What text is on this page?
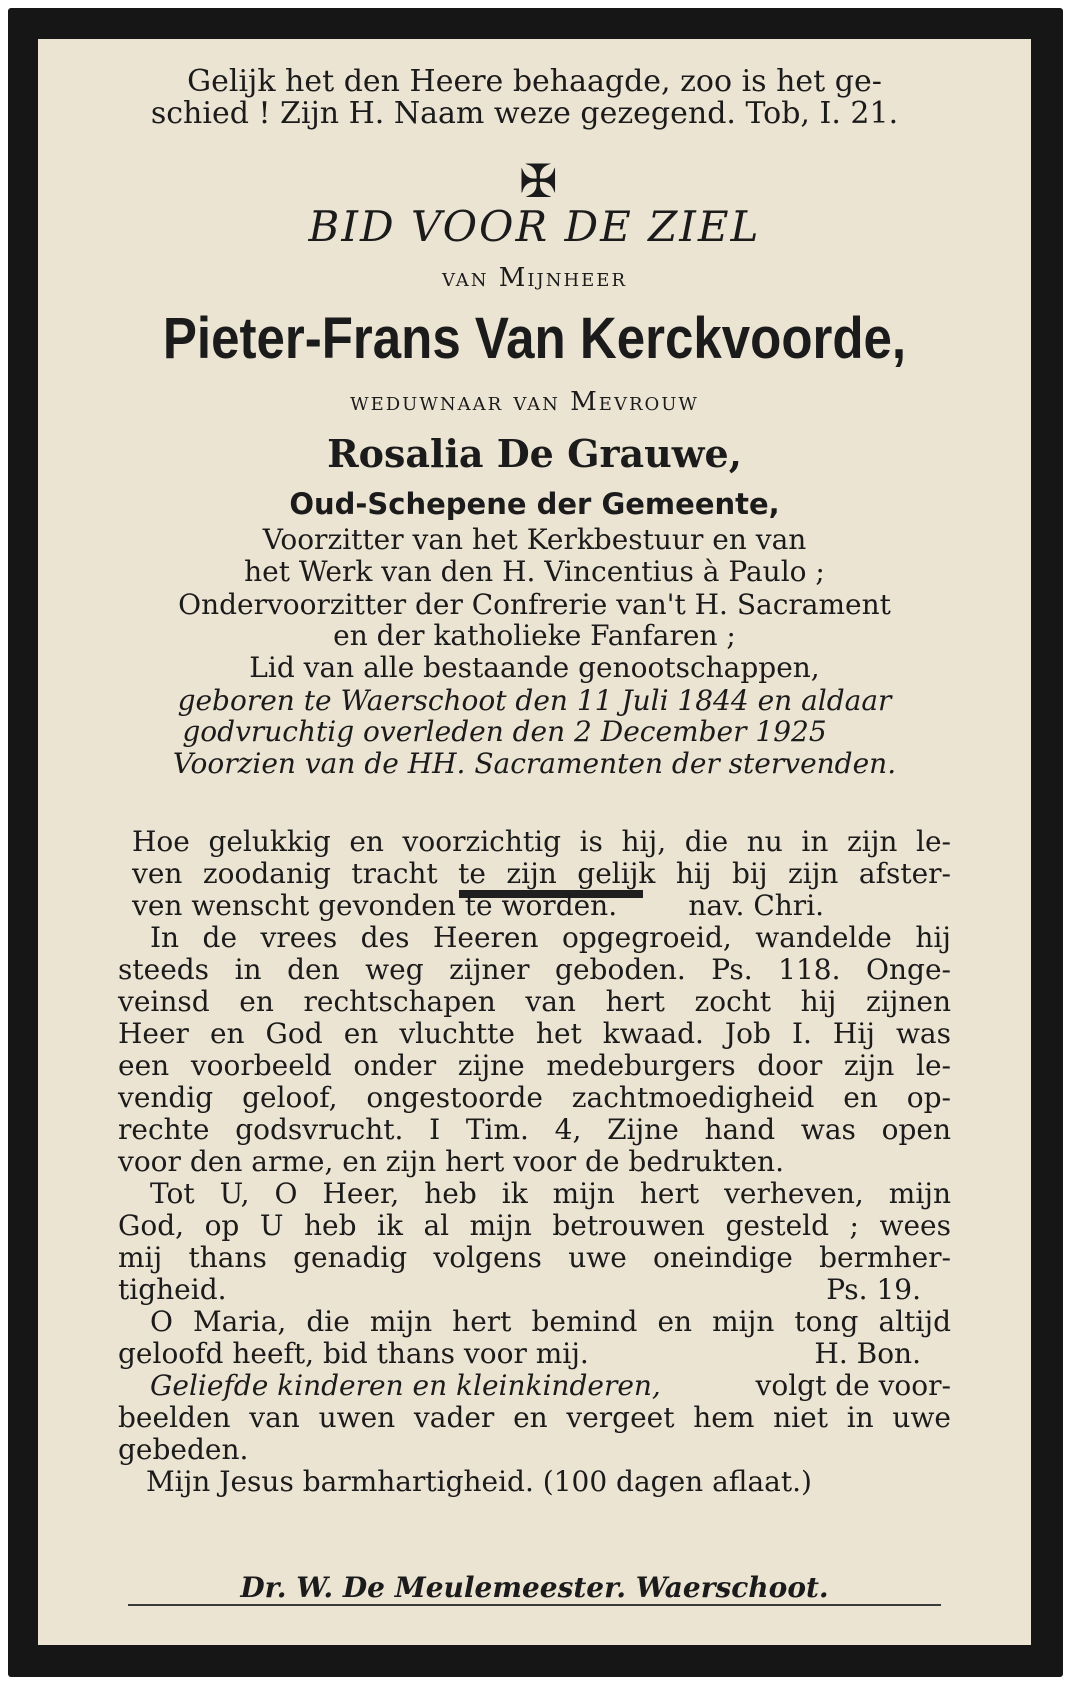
Gelijk het den Heere behaagde, zoo is het ge-
schied ! Zijn H. Naam weze gezegend. Tob, I. 21.
✠
BID VOOR DE ZIEL
van Mijnheer
Pieter-Frans Van Kerckvoorde,
weduwnaar van Mevrouw
Rosalia De Grauwe,
Oud-Schepene der Gemeente,
Voorzitter van het Kerkbestuur en van
het Werk van den H. Vincentius à Paulo ;
Ondervoorzitter der Confrerie van't H. Sacrament
en der katholieke Fanfaren ;
Lid van alle bestaande genootschappen,
geboren te Waerschoot den 11 Juli 1844 en aldaar
godvruchtig overleden den 2 December 1925
Voorzien van de HH. Sacramenten der stervenden.
Hoe gelukkig en voorzichtig is hij, die nu in zijn le-
ven zoodanig tracht te zijn gelijk hij bij zijn afster-
ven wenscht gevonden te worden.        nav. Chri.
In de vrees des Heeren opgegroeid, wandelde hij
steeds in den weg zijner geboden. Ps. 118. Onge-
veinsd en rechtschapen van hert zocht hij zijnen
Heer en God en vluchtte het kwaad. Job I. Hij was
een voorbeeld onder zijne medeburgers door zijn le-
vendig geloof, ongestoorde zachtmoedigheid en op-
rechte godsvrucht. I Tim. 4, Zijne hand was open
voor den arme, en zijn hert voor de bedrukten.
Tot U, O Heer, heb ik mijn hert verheven, mijn
God, op U heb ik al mijn betrouwen gesteld ; wees
mij thans genadig volgens uwe oneindige bermher-
tigheid.	Ps. 19.
O Maria, die mijn hert bemind en mijn tong altijd
geloofd heeft, bid thans voor mij.	H. Bon.
Geliefde kinderen en kleinkinderen,	volgt de voor-
beelden van uwen vader en vergeet hem niet in uwe
gebeden.
Mijn Jesus barmhartigheid. (100 dagen aflaat.)
Dr. W. De Meulemeester. Waerschoot.
